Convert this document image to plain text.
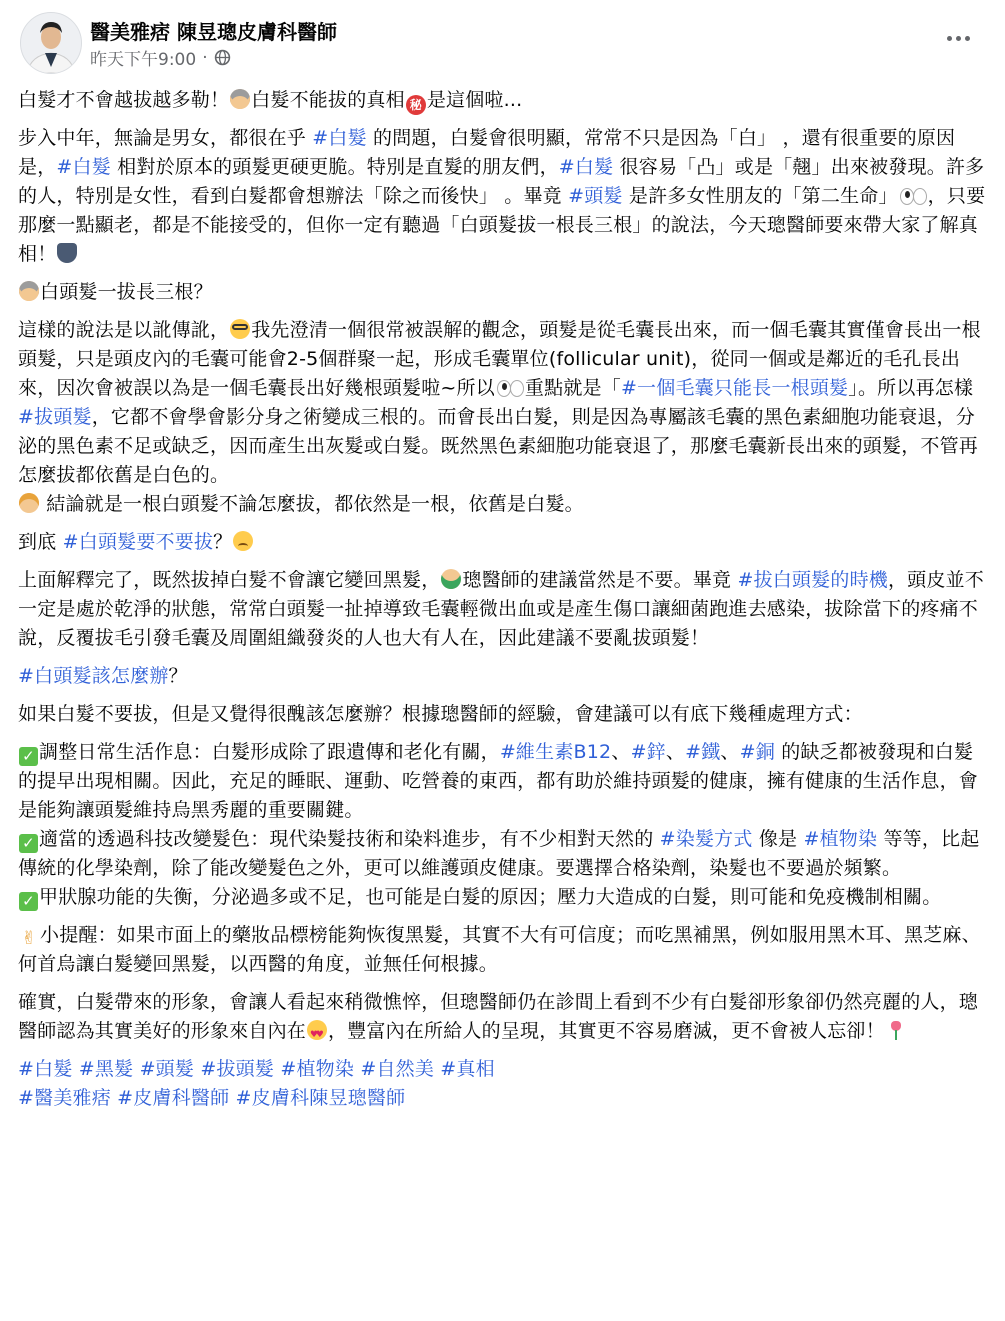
醫美雅痞 陳昱璁皮膚科醫師
昨天下午9:00 ·

白髮才不會越拔越多勒！ 白髮不能拔的真相 秘 是這個啦...

步入中年，無論是男女，都很在乎 #白髮 的問題，白髮會很明顯，常常不只是因為「白」 ，還有很重要的原因是，#白髮 相對於原本的頭髮更硬更脆。特別是直髮的朋友們，#白髮 很容易「凸」或是「翹」出來被發現。許多的人，特別是女性，看到白髮都會想辦法「除之而後快」 。畢竟 #頭髮 是許多女性朋友的「第二生命」 ，只要那麼一點顯老，都是不能接受的，但你一定有聽過「白頭髮拔一根長三根」的說法，今天璁醫師要來帶大家了解真相！

白頭髮一拔長三根？

這樣的說法是以訛傳訛， 我先澄清一個很常被誤解的觀念，頭髮是從毛囊長出來，而一個毛囊其實僅會長出一根頭髮，只是頭皮內的毛囊可能會2-5個群聚一起，形成毛囊單位(follicular unit)，從同一個或是鄰近的毛孔長出來，因次會被誤以為是一個毛囊長出好幾根頭髮啦~所以 重點就是「#一個毛囊只能長一根頭髮」。所以再怎樣 #拔頭髮，它都不會學會影分身之術變成三根的。而會長出白髮，則是因為專屬該毛囊的黑色素細胞功能衰退，分泌的黑色素不足或缺乏，因而產生出灰髮或白髮。既然黑色素細胞功能衰退了，那麼毛囊新長出來的頭髮，不管再怎麼拔都依舊是白色的。
結論就是一根白頭髮不論怎麼拔，都依然是一根，依舊是白髮。

到底 #白頭髮要不要拔？

上面解釋完了，既然拔掉白髮不會讓它變回黑髮， 璁醫師的建議當然是不要。畢竟 #拔白頭髮的時機，頭皮並不一定是處於乾淨的狀態，常常白頭髮一扯掉導致毛囊輕微出血或是產生傷口讓細菌跑進去感染，拔除當下的疼痛不說，反覆拔毛引發毛囊及周圍組織發炎的人也大有人在，因此建議不要亂拔頭髮！

#白頭髮該怎麼辦？

如果白髮不要拔，但是又覺得很醜該怎麼辦？根據璁醫師的經驗，會建議可以有底下幾種處理方式：

✓ 調整日常生活作息：白髮形成除了跟遺傳和老化有關，#維生素B12、#鋅、#鐵、#銅 的缺乏都被發現和白髮的提早出現相關。因此，充足的睡眠、運動、吃營養的東西，都有助於維持頭髮的健康，擁有健康的生活作息，會是能夠讓頭髮維持烏黑秀麗的重要關鍵。
✓ 適當的透過科技改變髮色：現代染髮技術和染料進步，有不少相對天然的 #染髮方式 像是 #植物染 等等，比起傳統的化學染劑，除了能改變髮色之外，更可以維護頭皮健康。要選擇合格染劑，染髮也不要過於頻繁。
✓ 甲狀腺功能的失衡，分泌過多或不足，也可能是白髮的原因；壓力大造成的白髮，則可能和免疫機制相關。

✌ 小提醒：如果市面上的藥妝品標榜能夠恢復黑髮，其實不大有可信度；而吃黑補黑，例如服用黑木耳、黑芝麻、何首烏讓白髮變回黑髮，以西醫的角度，並無任何根據。

確實，白髮帶來的形象，會讓人看起來稍微憔悴，但璁醫師仍在診間上看到不少有白髮卻形象卻仍然亮麗的人，璁醫師認為其實美好的形象來自內在♥ ♥ ，豐富內在所給人的呈現，其實更不容易磨滅，更不會被人忘卻！

#白髮 #黑髮 #頭髮 #拔頭髮 #植物染 #自然美 #真相
#醫美雅痞 #皮膚科醫師 #皮膚科陳昱璁醫師
